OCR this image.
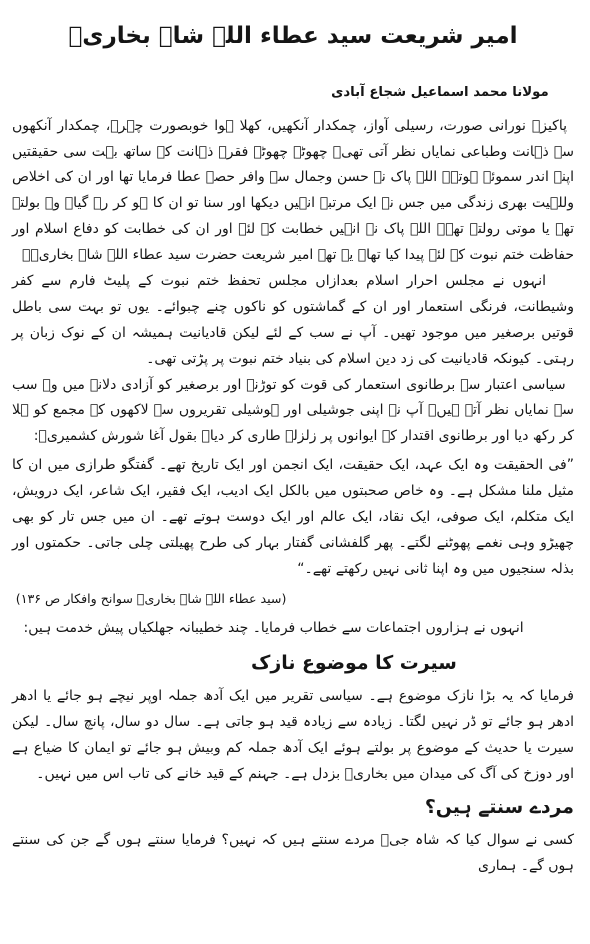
امیر شریعت سید عطاء اللہ شاہ بخاریؒ
مولانا محمد اسماعیل شجاع آبادی

پاکیزہ نورانی صورت، رسیلی آواز، چمکدار آنکھیں، کھلا ہوا خوبصورت چہرہ، چمکدار آنکھوں سے ذہانت وطباعی نمایاں نظر آتی تھی۔ چھوٹے چھوٹے فقرے ذہانت کے ساتھ بہت سی حقیقتیں اپنے اندر سموئے ہوتے۔ اللہ پاک نے حسن وجمال سے وافر حصہ عطا فرمایا تھا اور ان کی اخلاص وللہیت بھری زندگی میں جس نے ایک مرتبہ انہیں دیکھا اور سنا تو ان کا ہو کر رہ گیا۔ وہ بولتے تھے یا موتی رولتے تھے۔ اللہ پاک نے انہیں خطابت کے لئے اور ان کی خطابت کو دفاع اسلام اور حفاظت ختم نبوت کے لئے پیدا کیا تھا۔ یہ تھے امیر شریعت حضرت سید عطاء اللہ شاہ بخاریؒ۔

انہوں نے مجلس احرار اسلام بعدازاں مجلس تحفظ ختم نبوت کے پلیٹ فارم سے کفر وشیطانت، فرنگی استعمار اور ان کے گماشتوں کو ناکوں چنے چبوائے۔ یوں تو بہت سی باطل قوتیں برصغیر میں موجود تھیں۔ آپ نے سب کے لئے لیکن قادیانیت ہمیشہ ان کے نوک زبان پر رہتی۔ کیونکہ قادیانیت کی زد دین اسلام کی بنیاد ختم نبوت پر پڑتی تھی۔

سیاسی اعتبار سے برطانوی استعمار کی قوت کو توڑنے اور برصغیر کو آزادی دلانے میں وہ سب سے نمایاں نظر آتے ہیں۔ آپ نے اپنی جوشیلی اور ہوشیلی تقریروں سے لاکھوں کے مجمع کو ہلا کر رکھ دیا اور برطانوی اقتدار کے ایوانوں پر زلزلہ طاری کر دیا۔ بقول آغا شورش کشمیریؒ:

”فی الحقیقت وہ ایک عہد، ایک حقیقت، ایک انجمن اور ایک تاریخ تھے۔ گفتگو طرازی میں ان کا مثیل ملنا مشکل ہے۔ وہ خاص صحبتوں میں بالکل ایک ادیب، ایک فقیر، ایک شاعر، ایک درویش، ایک متکلم، ایک صوفی، ایک نقاد، ایک عالم اور ایک دوست ہوتے تھے۔ ان میں جس تار کو بھی چھیڑو وہی نغمے پھوٹنے لگتے۔ پھر گلفشانی گفتار بہار کی طرح پھیلتی چلی جاتی۔ حکمتوں اور بذلہ سنجیوں میں وہ اپنا ثانی نہیں رکھتے تھے۔“
(سید عطاء اللہ شاہ بخاریؒ سوانح وافکار ص ۱۳۶)

انہوں نے ہزاروں اجتماعات سے خطاب فرمایا۔ چند خطیبانہ جھلکیاں پیش خدمت ہیں:

سیرت کا موضوع نازک

فرمایا کہ یہ بڑا نازک موضوع ہے۔ سیاسی تقریر میں ایک آدھ جملہ اوپر نیچے ہو جائے یا ادھر ادھر ہو جائے تو ڈر نہیں لگتا۔ زیادہ سے زیادہ قید ہو جاتی ہے۔ سال دو سال، پانچ سال۔ لیکن سیرت یا حدیث کے موضوع پر بولتے ہوئے ایک آدھ جملہ کم وبیش ہو جائے تو ایمان کا ضیاع ہے اور دوزخ کی آگ کی میدان میں بخاریؒ بزدل ہے۔ جہنم کے قید خانے کی تاب اس میں نہیں۔

مردے سنتے ہیں؟

کسی نے سوال کیا کہ شاہ جیؒ مردے سنتے ہیں کہ نہیں؟ فرمایا سنتے ہوں گے جن کی سنتے ہوں گے۔ ہماری
